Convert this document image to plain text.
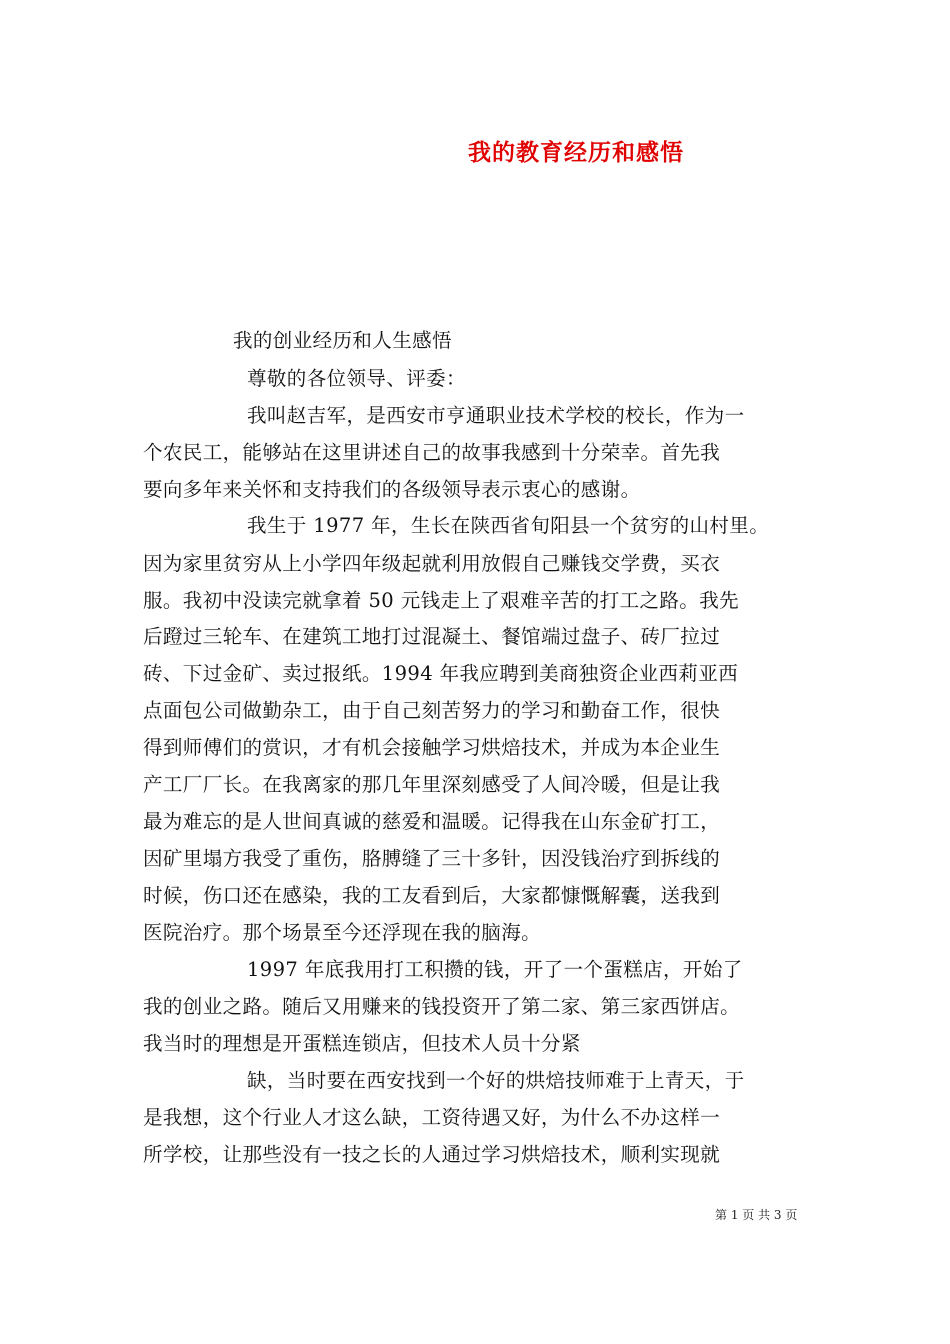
我的教育经历和感悟
我的创业经历和人生感悟
尊敬的各位领导、评委：
我叫赵吉军，是西安市亨通职业技术学校的校长，作为一
个农民工，能够站在这里讲述自己的故事我感到十分荣幸。首先我
要向多年来关怀和支持我们的各级领导表示衷心的感谢。
我生于 1977 年，生长在陕西省旬阳县一个贫穷的山村里。
因为家里贫穷从上小学四年级起就利用放假自己赚钱交学费，买衣
服。我初中没读完就拿着 50 元钱走上了艰难辛苦的打工之路。我先
后蹬过三轮车、在建筑工地打过混凝土、餐馆端过盘子、砖厂拉过
砖、下过金矿、卖过报纸。1994 年我应聘到美商独资企业西莉亚西
点面包公司做勤杂工，由于自己刻苦努力的学习和勤奋工作，很快
得到师傅们的赏识，才有机会接触学习烘焙技术，并成为本企业生
产工厂厂长。在我离家的那几年里深刻感受了人间冷暖，但是让我
最为难忘的是人世间真诚的慈爱和温暖。记得我在山东金矿打工，
因矿里塌方我受了重伤，胳膊缝了三十多针，因没钱治疗到拆线的
时候，伤口还在感染，我的工友看到后，大家都慷慨解囊，送我到
医院治疗。那个场景至今还浮现在我的脑海。
1997 年底我用打工积攒的钱，开了一个蛋糕店，开始了
我的创业之路。随后又用赚来的钱投资开了第二家、第三家西饼店。
我当时的理想是开蛋糕连锁店，但技术人员十分紧
缺，当时要在西安找到一个好的烘焙技师难于上青天，于
是我想，这个行业人才这么缺，工资待遇又好，为什么不办这样一
所学校，让那些没有一技之长的人通过学习烘焙技术，顺利实现就
第 1 页 共 3 页
